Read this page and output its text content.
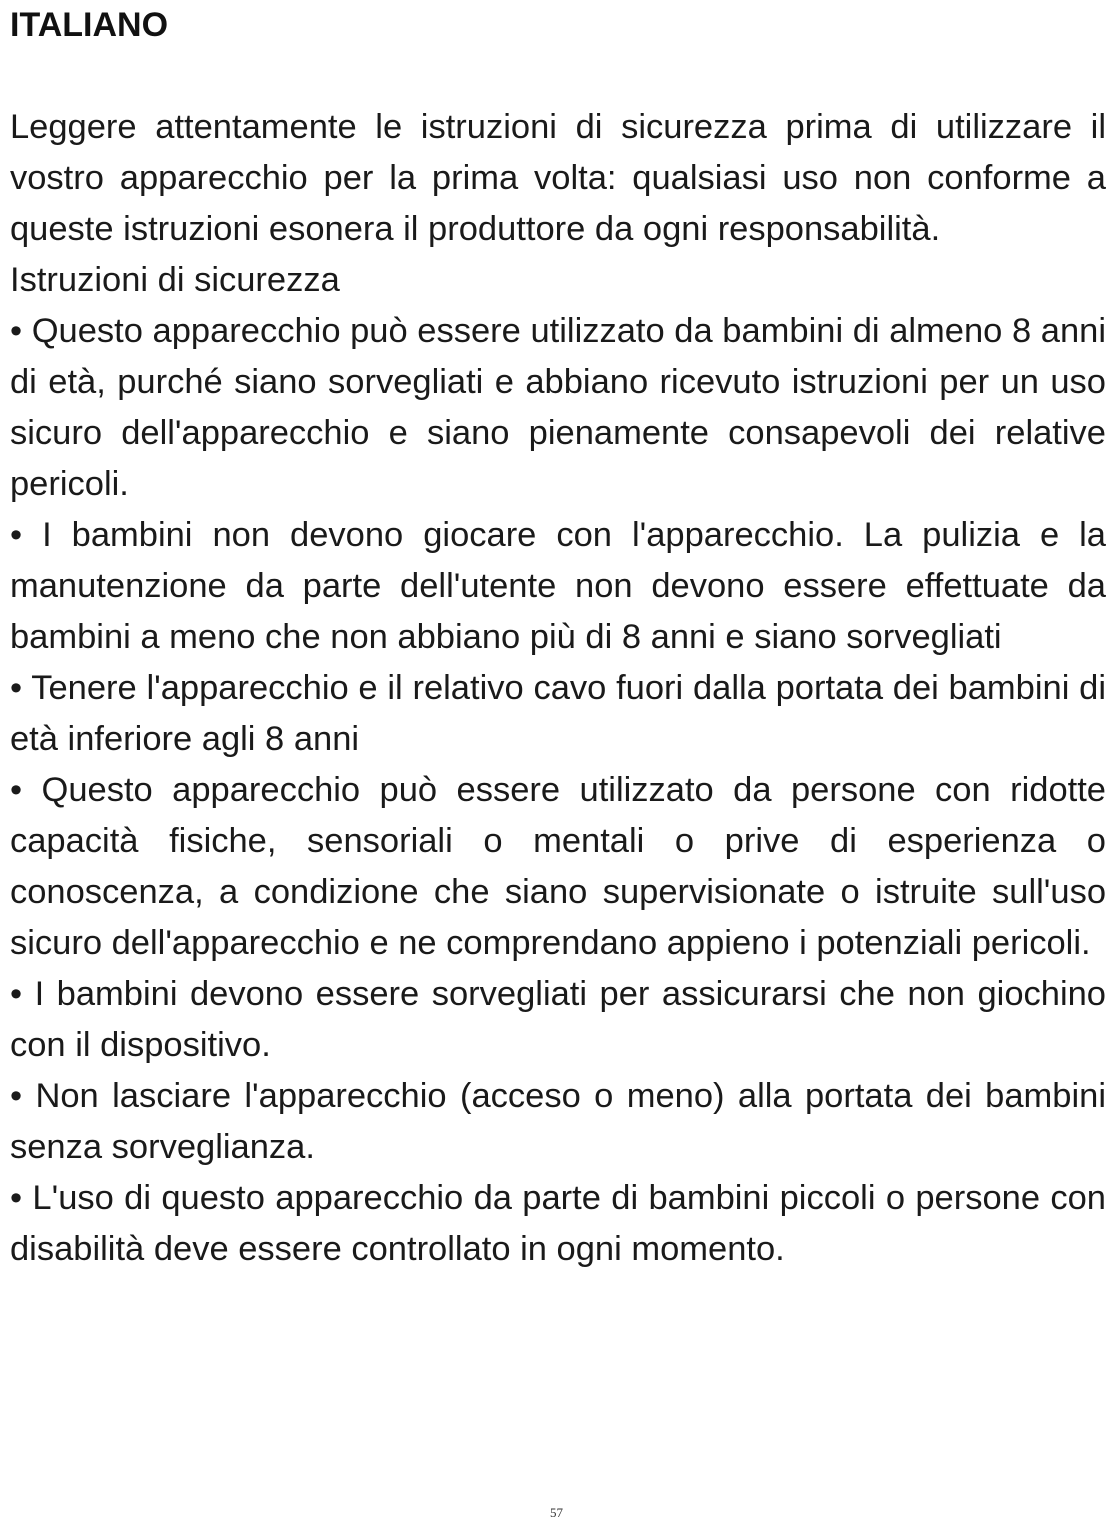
ITALIANO

Leggere attentamente le istruzioni di sicurezza prima di utilizzare il vostro apparecchio per la prima volta: qualsiasi uso non conforme a queste istruzioni esonera il produttore da ogni responsabilità.

Istruzioni di sicurezza

• Questo apparecchio può essere utilizzato da bambini di almeno 8 anni di età, purché siano sorvegliati e abbiano ricevuto istruzioni per un uso sicuro dell'apparecchio e siano pienamente consapevoli dei relative pericoli.

• I bambini non devono giocare con l'apparecchio. La pulizia e la manutenzione da parte dell'utente non devono essere effettuate da bambini a meno che non abbiano più di 8 anni e siano sorvegliati

• Tenere l'apparecchio e il relativo cavo fuori dalla portata dei bambini di età inferiore agli 8 anni

• Questo apparecchio può essere utilizzato da persone con ridotte capacità fisiche, sensoriali o mentali o prive di esperienza o conoscenza, a condizione che siano supervisionate o istruite sull'uso sicuro dell'apparecchio e ne comprendano appieno i potenziali pericoli.

• I bambini devono essere sorvegliati per assicurarsi che non giochino con il dispositivo.

• Non lasciare l'apparecchio (acceso o meno) alla portata dei bambini senza sorveglianza.

• L'uso di questo apparecchio da parte di bambini piccoli o persone con disabilità deve essere controllato in ogni momento.

57
